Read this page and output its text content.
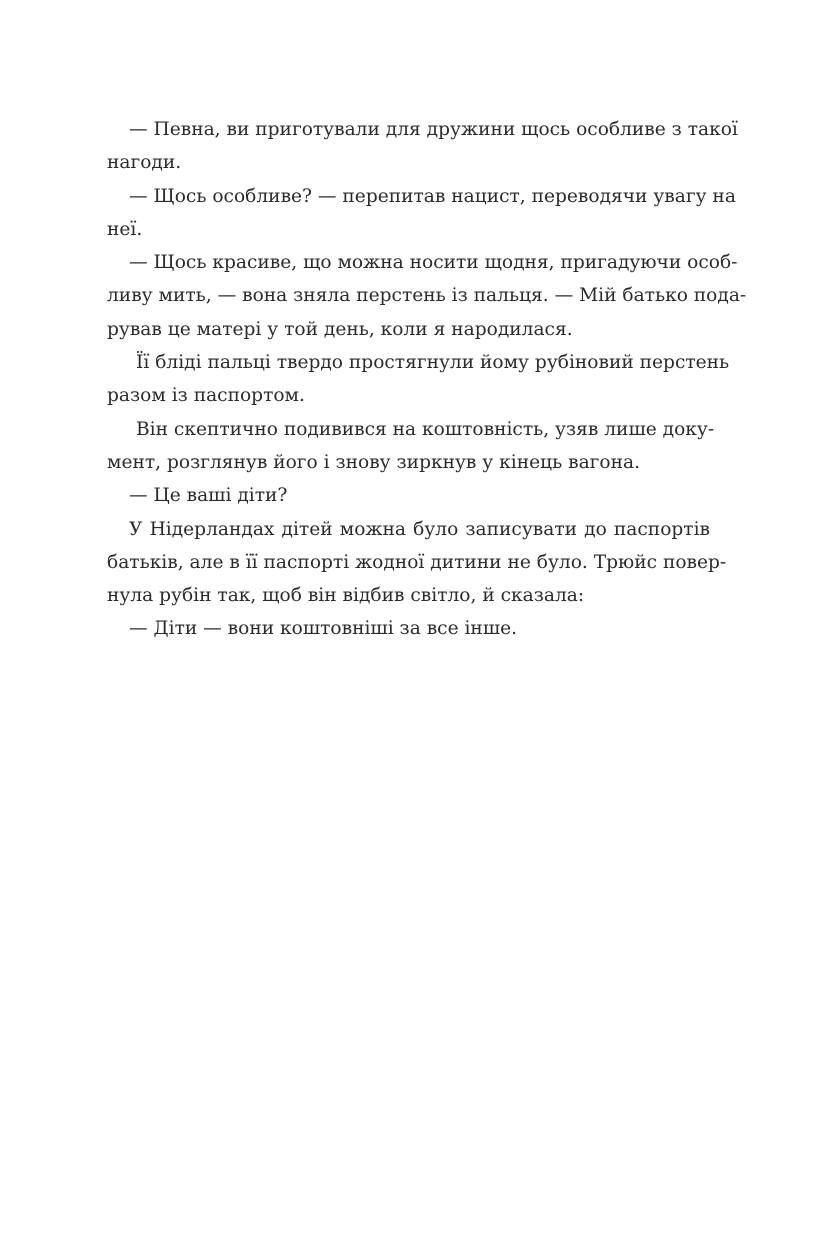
— Певна, ви приготували для дружини щось особливе з такої
нагоди.
— Щось особливе? — перепитав нацист, переводячи увагу на
неї.
— Щось красиве, що можна носити щодня, пригадуючи особ-
ливу мить, — вона зняла перстень із пальця. — Мій батько пода-
рував це матері у той день, коли я народилася.
Її бліді пальці твердо простягнули йому рубіновий перстень
разом із паспортом.
Він скептично подивився на коштовність, узяв лише доку-
мент, розглянув його і знову зиркнув у кінець вагона.
— Це ваші діти?
У Нідерландах дітей можна було записувати до паспортів
батьків, але в її паспорті жодної дитини не було. Трюйс повер-
нула рубін так, щоб він відбив світло, й сказала:
— Діти — вони коштовніші за все інше.
